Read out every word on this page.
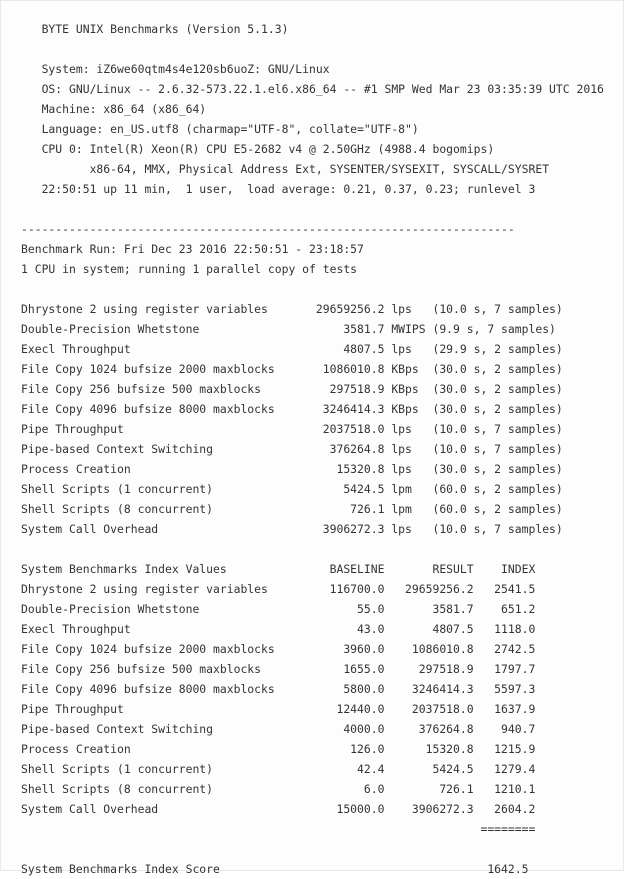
BYTE UNIX Benchmarks (Version 5.1.3)

System: iZ6we60qtm4s4e120sb6uoZ: GNU/Linux
OS: GNU/Linux -- 2.6.32-573.22.1.el6.x86_64 -- #1 SMP Wed Mar 23 03:35:39 UTC 2016
Machine: x86_64 (x86_64)
Language: en_US.utf8 (charmap="UTF-8", collate="UTF-8")
CPU 0: Intel(R) Xeon(R) CPU E5-2682 v4 @ 2.50GHz (4988.4 bogomips)
x86-64, MMX, Physical Address Ext, SYSENTER/SYSEXIT, SYSCALL/SYSRET
22:50:51 up 11 min,  1 user,  load average: 0.21, 0.37, 0.23; runlevel 3

------------------------------------------------------------------------
Benchmark Run: Fri Dec 23 2016 22:50:51 - 23:18:57
1 CPU in system; running 1 parallel copy of tests

Dhrystone 2 using register variables       29659256.2 lps   (10.0 s, 7 samples)
Double-Precision Whetstone                     3581.7 MWIPS (9.9 s, 7 samples)
Execl Throughput                               4807.5 lps   (29.9 s, 2 samples)
File Copy 1024 bufsize 2000 maxblocks       1086010.8 KBps  (30.0 s, 2 samples)
File Copy 256 bufsize 500 maxblocks          297518.9 KBps  (30.0 s, 2 samples)
File Copy 4096 bufsize 8000 maxblocks       3246414.3 KBps  (30.0 s, 2 samples)
Pipe Throughput                             2037518.0 lps   (10.0 s, 7 samples)
Pipe-based Context Switching                 376264.8 lps   (10.0 s, 7 samples)
Process Creation                              15320.8 lps   (30.0 s, 2 samples)
Shell Scripts (1 concurrent)                   5424.5 lpm   (60.0 s, 2 samples)
Shell Scripts (8 concurrent)                    726.1 lpm   (60.0 s, 2 samples)
System Call Overhead                        3906272.3 lps   (10.0 s, 7 samples)

System Benchmarks Index Values               BASELINE       RESULT    INDEX
Dhrystone 2 using register variables         116700.0   29659256.2   2541.5
Double-Precision Whetstone                       55.0       3581.7    651.2
Execl Throughput                                 43.0       4807.5   1118.0
File Copy 1024 bufsize 2000 maxblocks          3960.0    1086010.8   2742.5
File Copy 256 bufsize 500 maxblocks            1655.0     297518.9   1797.7
File Copy 4096 bufsize 8000 maxblocks          5800.0    3246414.3   5597.3
Pipe Throughput                               12440.0    2037518.0   1637.9
Pipe-based Context Switching                   4000.0     376264.8    940.7
Process Creation                                126.0      15320.8   1215.9
Shell Scripts (1 concurrent)                     42.4       5424.5   1279.4
Shell Scripts (8 concurrent)                      6.0        726.1   1210.1
System Call Overhead                          15000.0    3906272.3   2604.2
========

System Benchmarks Index Score                                       1642.5
